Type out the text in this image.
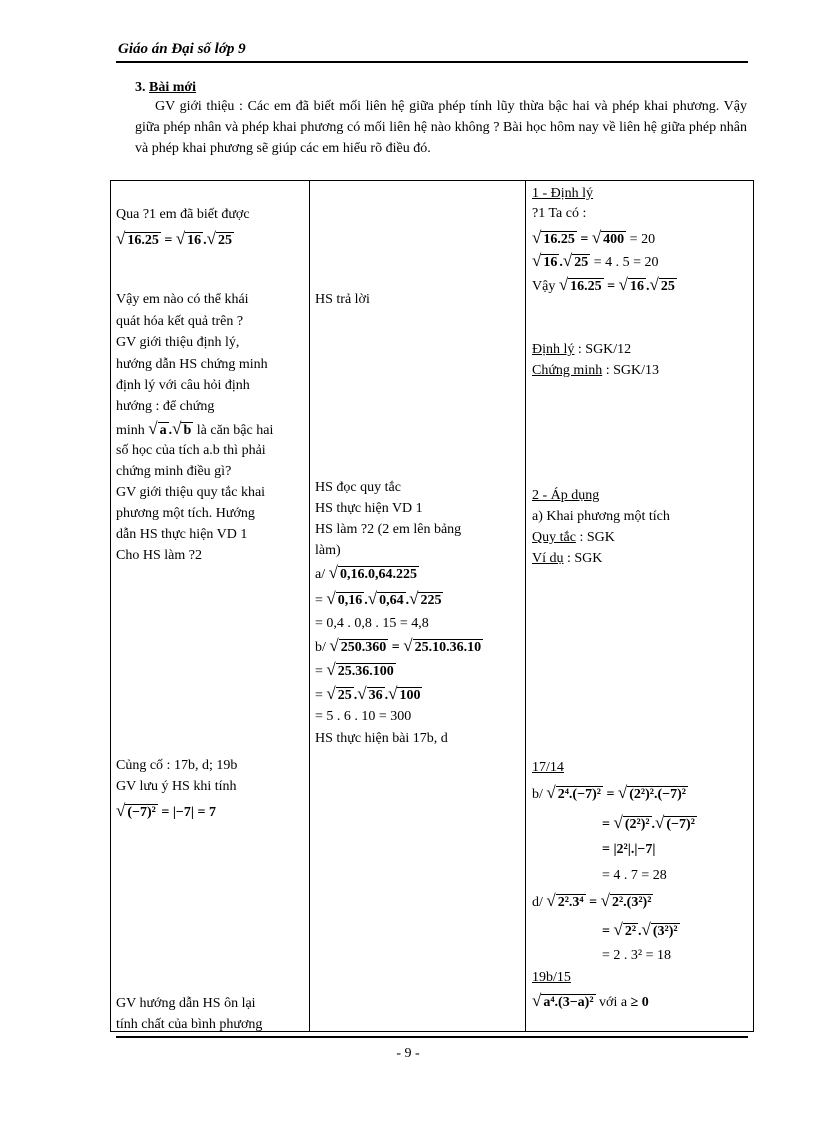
Giáo án Đại số lớp 9
3. Bài mới
GV giới thiệu : Các em đã biết mối liên hệ giữa phép tính lũy thừa bậc hai và phép khai phương. Vậy giữa phép nhân và phép khai phương có mối liên hệ nào không ? Bài học hôm nay về liên hệ giữa phép nhân và phép khai phương sẽ giúp các em hiểu rõ điều đó.
Qua ?1 em đã biết được
√ 16.25 = √ 16 .√ 25
Vậy em nào có thể khái
quát hóa kết quả trên ?
GV giới thiệu định lý,
hướng dẫn HS chứng minh
định lý với câu hỏi định
hướng : để chứng
minh √ a .√ b là căn bậc hai
số học của tích a.b thì phải
chứng minh điều gì?
GV giới thiệu quy tắc khai
phương một tích. Hướng
dẫn HS thực hiện VD 1
Cho HS làm ?2
Củng cố : 17b, d; 19b
GV lưu ý HS khi tính
√ (−7)² = |−7| = 7
GV hướng dẫn HS ôn lại
tính chất của bình phương
HS trả lời
HS đọc quy tắc
HS thực hiện VD 1
HS làm ?2 (2 em lên bảng
làm)
a/ √ 0,16.0,64.225
= √ 0,16 .√ 0,64 .√ 225
= 0,4 . 0,8 . 15 = 4,8
b/ √ 250.360 = √ 25.10.36.10
= √ 25.36.100
= √ 25 .√ 36 .√ 100
= 5 . 6 . 10 = 300
HS thực hiện bài 17b, d
1 - Định lý
?1 Ta có :
√ 16.25 = √ 400 = 20
√ 16 .√ 25 = 4 . 5 = 20
Vậy √ 16.25 = √ 16 .√ 25
Định lý : SGK/12
Chứng minh : SGK/13
2 - Áp dụng
a) Khai phương một tích
Quy tắc : SGK
Ví dụ : SGK
17/14
b/ √ 2⁴.(−7)² = √ (2²)².(−7)²
= √ (2²)² .√ (−7)²
= |2²|.|−7|
= 4 . 7 = 28
d/ √ 2².3⁴ = √ 2².(3²)²
= √ 2² .√ (3²)²
= 2 . 3² = 18
19b/15
√ a⁴.(3−a)² với a ≥ 0
- 9 -
